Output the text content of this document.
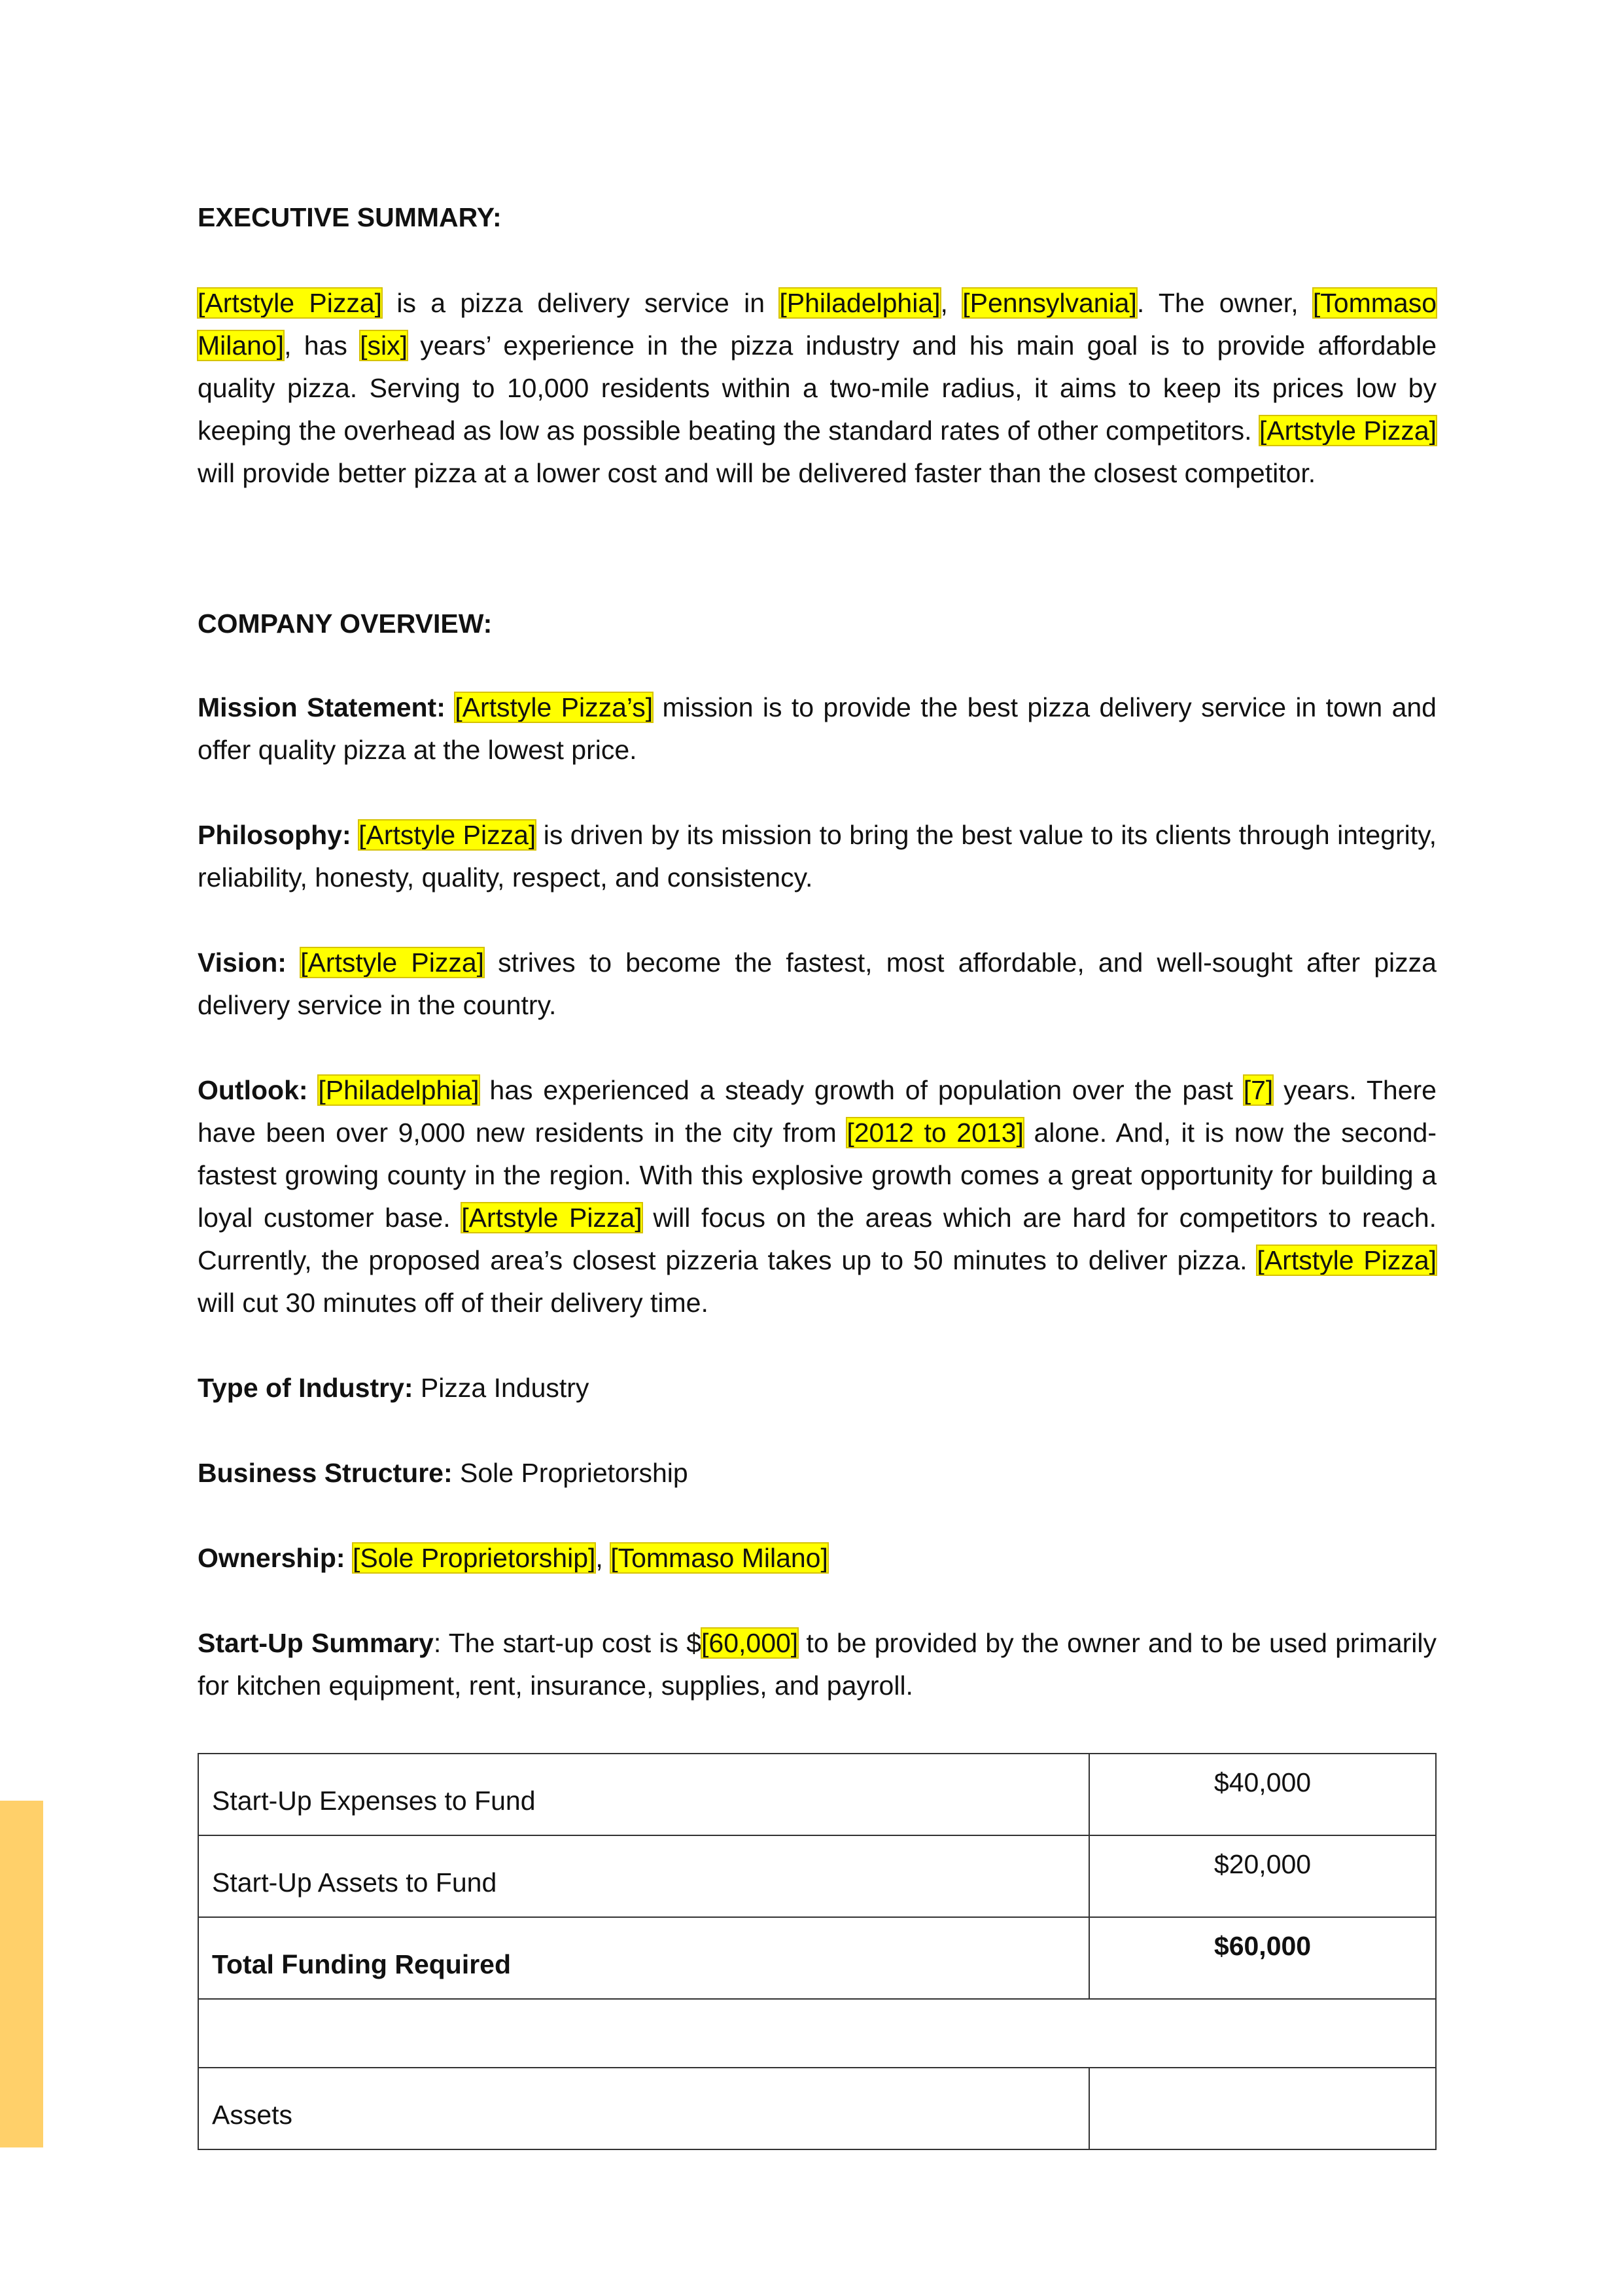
EXECUTIVE SUMMARY:

[Artstyle Pizza] is a pizza delivery service in [Philadelphia], [Pennsylvania]. The owner, [Tommaso Milano], has [six] years’ experience in the pizza industry and his main goal is to provide affordable quality pizza. Serving to 10,000 residents within a two-mile radius, it aims to keep its prices low by keeping the overhead as low as possible beating the standard rates of other competitors. [Artstyle Pizza] will provide better pizza at a lower cost and will be delivered faster than the closest competitor.

COMPANY OVERVIEW:

Mission Statement: [Artstyle Pizza’s] mission is to provide the best pizza delivery service in town and offer quality pizza at the lowest price.

Philosophy: [Artstyle Pizza] is driven by its mission to bring the best value to its clients through integrity, reliability, honesty, quality, respect, and consistency.

Vision: [Artstyle Pizza] strives to become the fastest, most affordable, and well-sought after pizza delivery service in the country.

Outlook: [Philadelphia] has experienced a steady growth of population over the past [7] years. There have been over 9,000 new residents in the city from [2012 to 2013] alone. And, it is now the second-fastest growing county in the region. With this explosive growth comes a great opportunity for building a loyal customer base. [Artstyle Pizza] will focus on the areas which are hard for competitors to reach. Currently, the proposed area’s closest pizzeria takes up to 50 minutes to deliver pizza. [Artstyle Pizza] will cut 30 minutes off of their delivery time.

Type of Industry: Pizza Industry

Business Structure: Sole Proprietorship

Ownership: [Sole Proprietorship], [Tommaso Milano]

Start-Up Summary: The start-up cost is $[60,000] to be provided by the owner and to be used primarily for kitchen equipment, rent, insurance, supplies, and payroll.

Start-Up Expenses to Fund	$40,000
Start-Up Assets to Fund	$20,000
Total Funding Required	$60,000

Assets	
